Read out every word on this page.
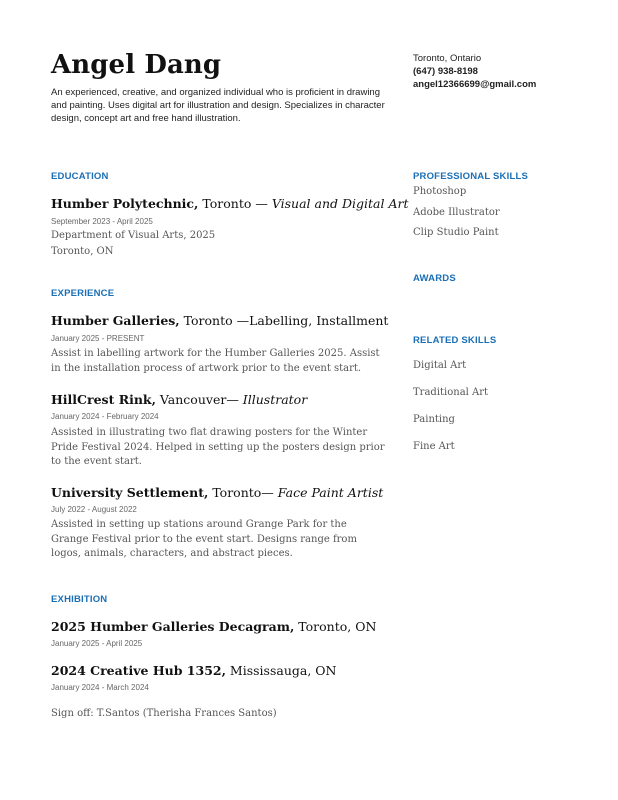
Angel Dang
An experienced, creative, and organized individual who is proficient in drawing and painting. Uses digital art for illustration and design. Specializes in character design, concept art and free hand illustration.
Toronto, Ontario
(647) 938-8198
angel12366699@gmail.com
EDUCATION
Humber Polytechnic, Toronto — Visual and Digital Art
September 2023 - April 2025
Department of Visual Arts, 2025
Toronto, ON
EXPERIENCE
Humber Galleries, Toronto —Labelling, Installment
January 2025 - PRESENT
Assist in labelling artwork for the Humber Galleries 2025. Assist in the installation process of artwork prior to the event start.
HillCrest Rink, Vancouver— Illustrator
January 2024 - February 2024
Assisted in illustrating two flat drawing posters for the Winter Pride Festival 2024. Helped in setting up the posters design prior to the event start.
University Settlement, Toronto— Face Paint Artist
July 2022 - August 2022
Assisted in setting up stations around Grange Park for the Grange Festival prior to the event start. Designs range from logos, animals, characters, and abstract pieces.
EXHIBITION
2025 Humber Galleries Decagram, Toronto, ON
January 2025 - April 2025
2024 Creative Hub 1352, Mississauga, ON
January 2024 - March 2024
Sign off: T.Santos (Therisha Frances Santos)
PROFESSIONAL SKILLS
Photoshop
Adobe Illustrator
Clip Studio Paint
AWARDS
RELATED SKILLS
Digital Art
Traditional Art
Painting
Fine Art
